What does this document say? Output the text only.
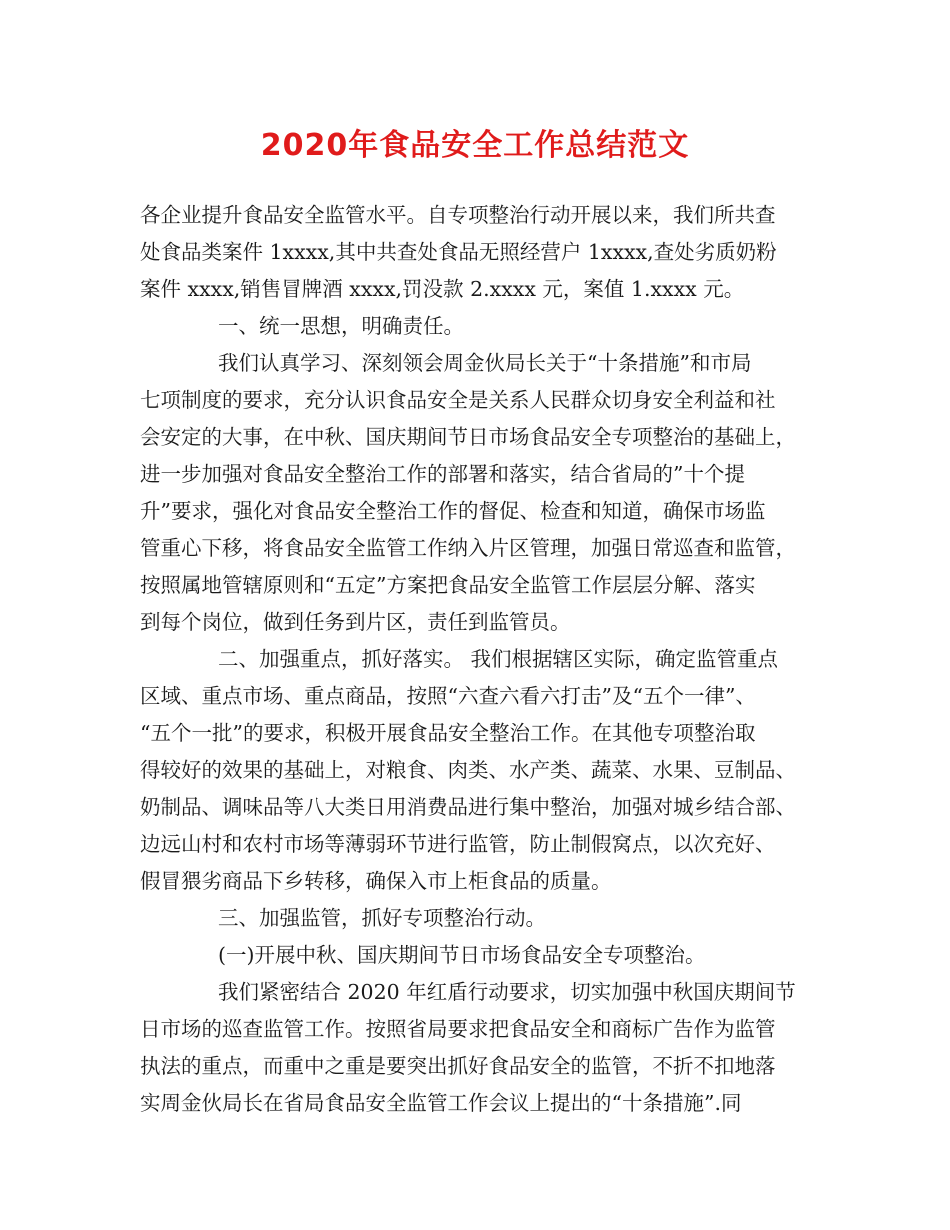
2020年食品安全工作总结范文
各企业提升食品安全监管水平。自专项整治行动开展以来，我们所共查
处食品类案件 1xxxx,其中共查处食品无照经营户 1xxxx,查处劣质奶粉
案件 xxxx,销售冒牌酒 xxxx,罚没款 2.xxxx 元，案值 1.xxxx 元。
一、统一思想，明确责任。
我们认真学习、深刻领会周金伙局长关于“十条措施”和市局
七项制度的要求，充分认识食品安全是关系人民群众切身安全利益和社
会安定的大事，在中秋、国庆期间节日市场食品安全专项整治的基础上，
进一步加强对食品安全整治工作的部署和落实，结合省局的”十个提
升”要求，强化对食品安全整治工作的督促、检查和知道，确保市场监
管重心下移，将食品安全监管工作纳入片区管理，加强日常巡查和监管，
按照属地管辖原则和“五定”方案把食品安全监管工作层层分解、落实
到每个岗位，做到任务到片区，责任到监管员。
二、加强重点，抓好落实。 我们根据辖区实际，确定监管重点
区域、重点市场、重点商品，按照“六查六看六打击”及“五个一律”、
“五个一批”的要求，积极开展食品安全整治工作。在其他专项整治取
得较好的效果的基础上，对粮食、肉类、水产类、蔬菜、水果、豆制品、
奶制品、调味品等八大类日用消费品进行集中整治，加强对城乡结合部、
边远山村和农村市场等薄弱环节进行监管，防止制假窝点，以次充好、
假冒猥劣商品下乡转移，确保入市上柜食品的质量。
三、加强监管，抓好专项整治行动。
(一)开展中秋、国庆期间节日市场食品安全专项整治。
我们紧密结合 2020 年红盾行动要求，切实加强中秋国庆期间节
日市场的巡查监管工作。按照省局要求把食品安全和商标广告作为监管
执法的重点，而重中之重是要突出抓好食品安全的监管，不折不扣地落
实周金伙局长在省局食品安全监管工作会议上提出的“十条措施”.同
